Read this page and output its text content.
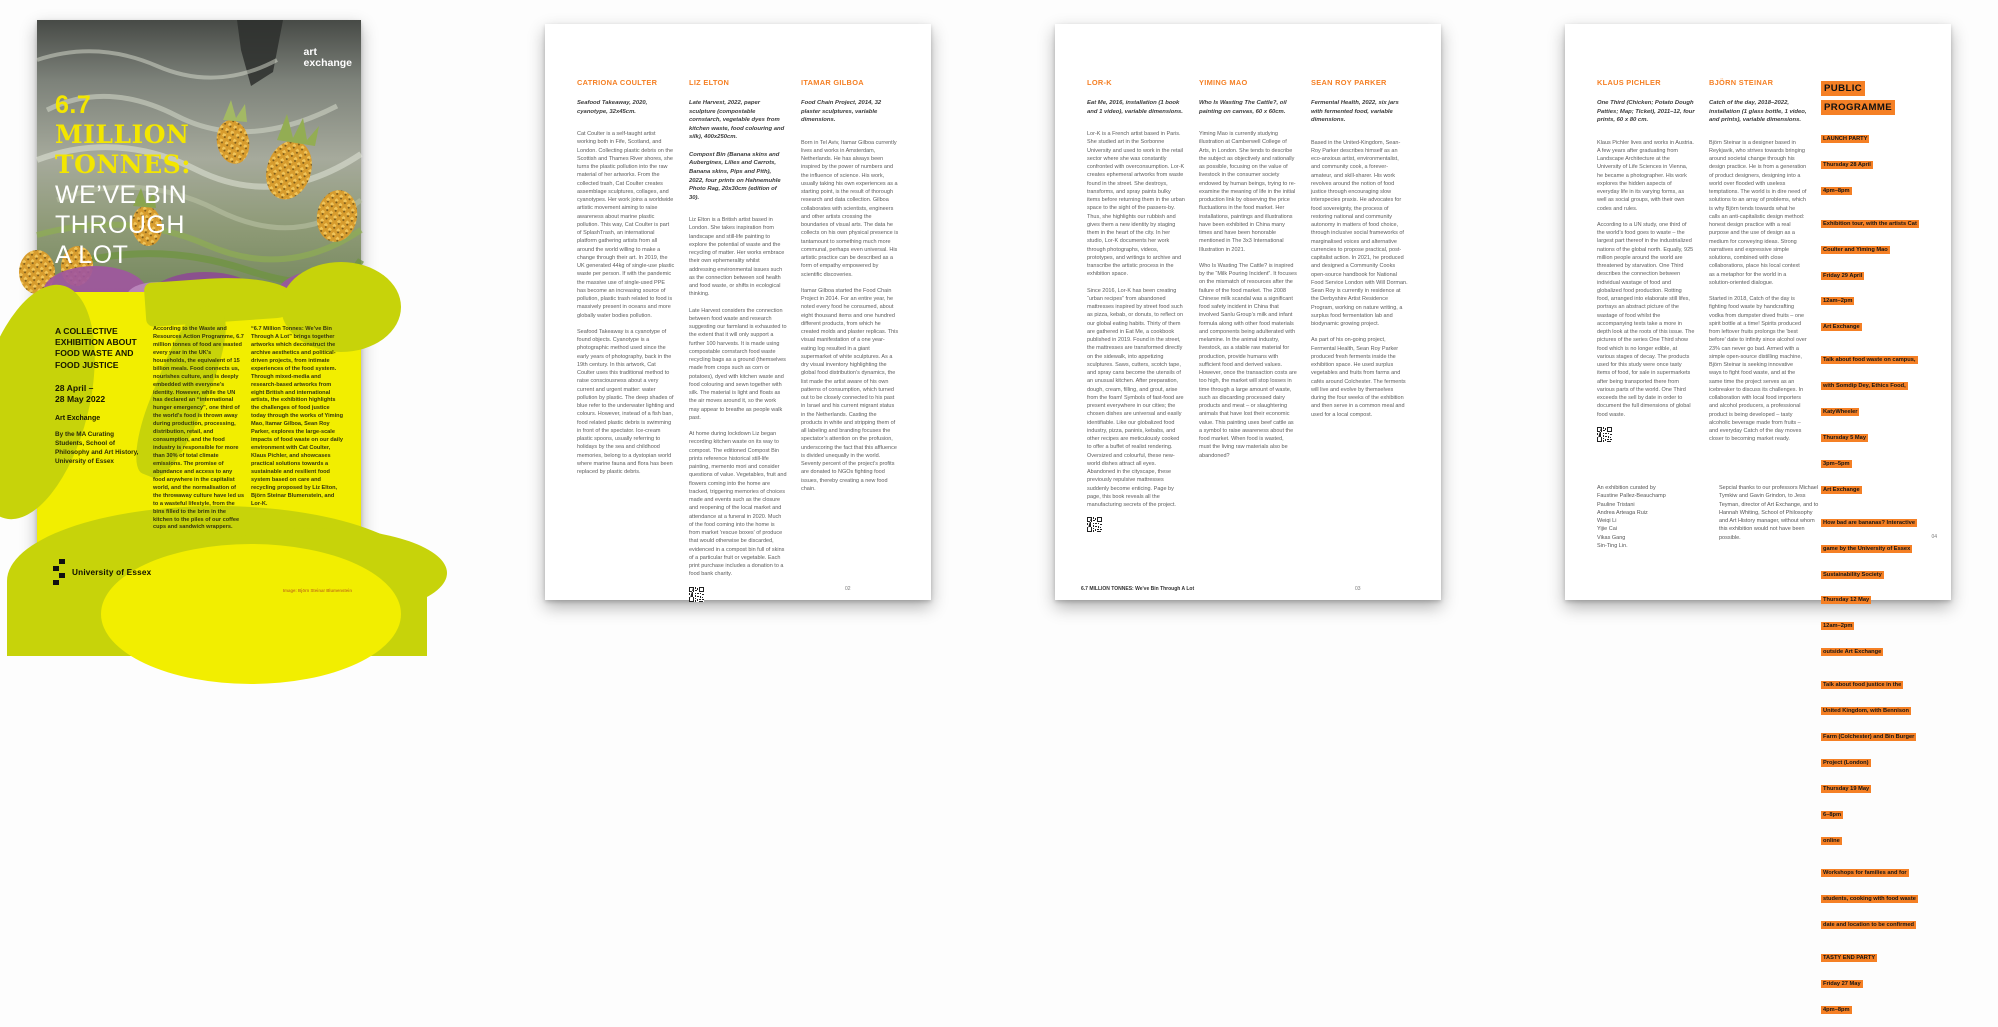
6.7
MILLION
TONNES:
WE’VE BIN
THROUGH
A LOT
art
exchange
A COLLECTIVE EXHIBITION ABOUT FOOD WASTE AND FOOD JUSTICE
28 April –
28 May 2022
Art Exchange
By the MA Curating Students, School of Philosophy and Art History, University of Essex
According to the Waste and Resources Action Programme, 6.7 million tonnes of food are wasted every year in the UK’s households, the equivalent of 15 billion meals. Food connects us, nourishes culture, and is deeply embedded with everyone’s identity. However, while the UN has declared an “international hunger emergency”, one third of the world’s food is thrown away during production, processing, distribution, retail, and consumption, and the food industry is responsible for more than 30% of total climate emissions. The promise of abundance and access to any food anywhere in the capitalist world, and the normalisation of the throwaway culture have led us to a wasteful lifestyle, from the bins filled to the brim in the kitchen to the piles of our coffee cups and sandwich wrappers.
“6.7 Million Tonnes: We’ve Bin Through A Lot” brings together artworks which deconstruct the archive aesthetics and political-driven projects, from intimate experiences of the food system. Through mixed-media and research-based artworks from eight British and international artists, the exhibition highlights the challenges of food justice today through the works of Yiming Mao, Itamar Gilboa, Sean Roy Parker, explores the large-scale impacts of food waste on our daily environment with Cat Coulter, Klaus Pichler, and showcases practical solutions towards a sustainable and resilient food system based on care and recycling proposed by Liz Elton, Björn Steinar Blumenstein, and Lor-K.
Image: Björn Steinar Blumenstein
University of Essex
CATRIONA COULTER
Seafood Takeaway, 2020, cyanotype, 32x45cm.
Cat Coulter is a self-taught artist working both in Fife, Scotland, and London. Collecting plastic debris on the Scottish and Thames River shores, she turns the plastic pollution into the raw material of her artworks. From the collected trash, Cat Coulter creates assemblage sculptures, collages, and cyanotypes. Her work joins a worldwide artistic movement aiming to raise awareness about marine plastic pollution. This way, Cat Coulter is part of SplashTrash, an international platform gathering artists from all around the world willing to make a change through their art. In 2019, the UK generated 44kg of single-use plastic waste per person. If with the pandemic the massive use of single-used PPE has become an increasing source of pollution, plastic trash related to food is massively present in oceans and more globally water bodies pollution.
Seafood Takeaway is a cyanotype of found objects. Cyanotype is a photographic method used since the early years of photography, back in the 19th century. In this artwork, Cat Coulter uses this traditional method to raise consciousness about a very current and urgent matter: water pollution by plastic. The deep shades of blue refer to the underwater lighting and colours. However, instead of a fish ban, food related plastic debris is swimming in front of the spectator. Ice-cream plastic spoons, usually referring to holidays by the sea and childhood memories, belong to a dystopian world where marine fauna and flora has been replaced by plastic debris.
LIZ ELTON
Late Harvest, 2022, paper sculpture (compostable cornstarch, vegetable dyes from kitchen waste, food colouring and silk), 400x250cm.
Compost Bin (Banana skins and Aubergines, Lilies and Carrots, Banana skins, Pips and Pith), 2022, four prints on Hahnemuhle Photo Rag, 20x30cm (edition of 30).
Liz Elton is a British artist based in London. She takes inspiration from landscape and still-life painting to explore the potential of waste and the recycling of matter. Her works embrace their own ephemerality whilst addressing environmental issues such as the connection between soil health and food waste, or shifts in ecological thinking.
Late Harvest considers the connection between food waste and research suggesting our farmland is exhausted to the extent that it will only support a further 100 harvests. It is made using compostable cornstarch food waste recycling bags as a ground (themselves made from crops such as corn or potatoes), dyed with kitchen waste and food colouring and sewn together with silk. The material is light and floats as the air moves around it, so the work may appear to breathe as people walk past.
At home during lockdown Liz began recording kitchen waste on its way to compost. The editioned Compost Bin prints reference historical still-life painting, memento mori and consider questions of value. Vegetables, fruit and flowers coming into the home are tracked, triggering memories of choices made and events such as the closure and reopening of the local market and attendance at a funeral in 2020. Much of the food coming into the home is from market 'rescue boxes' of produce that would otherwise be discarded, evidenced in a compost bin full of skins of a particular fruit or vegetable. Each print purchase includes a donation to a food bank charity.
ITAMAR GILBOA
Food Chain Project, 2014, 32 plaster sculptures, variable dimensions.
Born in Tel Aviv, Itamar Gilboa currently lives and works in Amsterdam, Netherlands. He has always been inspired by the power of numbers and the influence of science. His work, usually taking his own experiences as a starting point, is the result of thorough research and data collection. Gilboa collaborates with scientists, engineers and other artists crossing the boundaries of visual arts. The data he collects on his own physical presence is tantamount to something much more communal, perhaps even universal. His artistic practice can be described as a form of empathy empowered by scientific discoveries.
Itamar Gilboa started the Food Chain Project in 2014. For an entire year, he noted every food he consumed, about eight thousand items and one hundred different products, from which he created molds and plaster replicas. This visual manifestation of a one year-eating log resulted in a giant supermarket of white sculptures. As a dry visual inventory highlighting the global food distribution’s dynamics, the list made the artist aware of his own patterns of consumption, which turned out to be closely connected to his past in Israel and his current migrant status in the Netherlands. Casting the products in white and stripping them of all labeling and branding focuses the spectator’s attention on the profusion, underscoring the fact that this affluence is divided unequally in the world. Seventy percent of the project’s profits are donated to NGOs fighting food issues, thereby creating a new food chain.
02
LOR-K
Eat Me, 2016, installation (1 book and 1 video), variable dimensions.
Lor-K is a French artist based in Paris. She studied art in the Sorbonne University and used to work in the retail sector where she was constantly confronted with overconsumption. Lor-K creates ephemeral artworks from waste found in the street. She destroys, transforms, and spray paints bulky items before returning them in the urban space to the sight of the passers-by. Thus, she highlights our rubbish and gives them a new identity by staging them in the heart of the city. In her studio, Lor-K documents her work through photographs, videos, prototypes, and writings to archive and transcribe the artistic process in the exhibition space.
Since 2016, Lor-K has been creating “urban recipes” from abandoned mattresses inspired by street food such as pizza, kebab, or donuts, to reflect on our global eating habits. Thirty of them are gathered in Eat Me, a cookbook published in 2019. Found in the street, the mattresses are transformed directly on the sidewalk, into appetizing sculptures. Saws, cutters, scotch tape, and spray cans become the utensils of an unusual kitchen. After preparation, dough, cream, filling, and grout, arise from the foam! Symbols of fast-food are present everywhere in our cities; the chosen dishes are universal and easily identifiable. Like our globalized food industry, pizza, paninis, kebabs, and other recipes are meticulously cooked to offer a buffet of realist rendering. Oversized and colourful, these new-world dishes attract all eyes. Abandoned in the cityscape, these previously repulsive mattresses suddenly become enticing. Page by page, this book reveals all the manufacturing secrets of the project.
YIMING MAO
Who Is Wasting The Cattle?, oil painting on canvas, 60 x 60cm.
Yiming Mao is currently studying illustration at Camberwell College of Arts, in London. She tends to describe the subject as objectively and rationally as possible, focusing on the value of livestock in the consumer society endowed by human beings, trying to re-examine the meaning of life in the initial production link by observing the price fluctuations in the food market. Her installations, paintings and illustrations have been exhibited in China many times and have been honorable mentioned in The 3x3 International Illustration in 2021.
Who Is Wasting The Cattle? is inspired by the “Milk Pouring Incident”. It focuses on the mismatch of resources after the failure of the food market. The 2008 Chinese milk scandal was a significant food safety incident in China that involved Sanlu Group’s milk and infant formula along with other food materials and components being adulterated with melamine. In the animal industry, livestock, as a stable raw material for production, provide humans with sufficient food and derived values. However, once the transaction costs are too high, the market will stop losses in time through a large amount of waste, such as discarding processed dairy products and meat – or slaughtering animals that have lost their economic value. This painting uses beef cattle as a symbol to raise awareness about the food market. When food is wasted, must the living raw materials also be abandoned?
SEAN ROY PARKER
Fermental Health, 2022, six jars with fermented food, variable dimensions.
Based in the United-Kingdom, Sean-Roy Parker describes himself as an eco-anxious artist, environmentalist, and community cook, a forever-amateur, and skill-sharer. His work revolves around the notion of food justice through encouraging slow interspecies praxis. He advocates for food sovereignty, the process of restoring national and community autonomy in matters of food choice, through inclusive social frameworks of marginalised voices and alternative currencies to propose practical, post-capitalist action. In 2021, he produced and designed a Community Cooks open-source handbook for National Food Service London with Will Dorman. Sean Roy is currently in residence at the Derbyshire Artist Residence Program, working on nature writing, a surplus food fermentation lab and biodynamic growing project.
As part of his on-going project, Fermental Health, Sean Roy Parker produced fresh ferments inside the exhibition space. He used surplus vegetables and fruits from farms and cafés around Colchester. The ferments will live and evolve by themselves during the four weeks of the exhibition and then serve in a common meal and used for a local compost.
6.7 MILLION TONNES: We've Bin Through A Lot	03
KLAUS PICHLER
One Third (Chicken; Potato Dough Patties; Map; Ticket), 2011–12, four prints, 60 x 80 cm.
Klaus Pichler lives and works in Austria. A few years after graduating from Landscape Architecture at the University of Life Sciences in Vienna, he became a photographer. His work explores the hidden aspects of everyday life in its varying forms, as well as social groups, with their own codes and rules.
According to a UN study, one third of the world’s food goes to waste – the largest part thereof in the industrialized nations of the global north. Equally, 925 million people around the world are threatened by starvation. One Third describes the connection between individual wastage of food and globalized food production. Rotting food, arranged into elaborate still lifes, portrays an abstract picture of the wastage of food whilst the accompanying texts take a more in depth look at the roots of this issue. The pictures of the series One Third show food which is no longer edible, at various stages of decay. The products used for this study were once tasty items of food, for sale in supermarkets after being transported there from various parts of the world. One Third exceeds the sell by date in order to document the full dimensions of global food waste.
BJÖRN STEINAR
Catch of the day, 2018–2022, installation (1 glass bottle, 1 video, and prints), variable dimensions.
Björn Steinar is a designer based in Reykjavik, who strives towards bringing around societal change through his design practice. He is from a generation of product designers, designing into a world over flooded with useless temptations. The world is in dire need of solutions to an array of problems, which is why Björn tends towards what he calls an anti-capitalistic design method: honest design practice with a real purpose and the use of design as a medium for conveying ideas. Strong narratives and expressive simple solutions, combined with close collaborations, place his local context as a metaphor for the world in a solution-oriented dialogue.
Started in 2018, Catch of the day is fighting food waste by handcrafting vodka from dumpster dived fruits – one spirit bottle at a time! Spirits produced from leftover fruits prolongs the 'best before' date to infinity since alcohol over 23% can never go bad. Armed with a simple open-source distilling machine, Björn Steinar is seeking innovative ways to fight food waste, and at the same time the project serves as an icebreaker to discuss its challenges. In collaboration with local food importers and alcohol producers, a professional product is being developed – tasty alcoholic beverage made from fruits – and everyday Catch of the day moves closer to becoming market ready.
PUBLIC
PROGRAMME

LAUNCH PARTY
Thursday 28 April
4pm–8pm

Exhibition tour, with the artists Cat Coulter and Yiming Mao
Friday 29 April
12am–2pm
Art Exchange

Talk about food waste on campus, with Somdip Dey, Ethics Food, KatyWheeler
Thursday 5 May
3pm–5pm
Art Exchange

How bad are bananas? Interactive game by the University of Essex Sustainability Society
Thursday 12 May
12am–2pm
outside Art Exchange

Talk about food justice in the United Kingdom, with Bennison Farm (Colchester) and Bin Burger Project (London)
Thursday 19 May
6–8pm
online

Workshops for families and for students, cooking with food waste
date and location to be confirmed

TASTY END PARTY
Friday 27 May
4pm–8pm

An exhibition curated by
Faustine Pallez-Beauchamp
Pauline Tristani
Andrea Arteaga Ruiz
Weiqi Li
Yijie Cai
Vikas Gang
Sin-Ting Lin.
Sepcial thanks to our professors Michael Tymkiw and Gavin Grindon, to Jess Teyman, director of Art Exchange, and to Hannah Whiting, School of Philosophy and Art History manager, without whom this exhibition would not have been possible.	04
